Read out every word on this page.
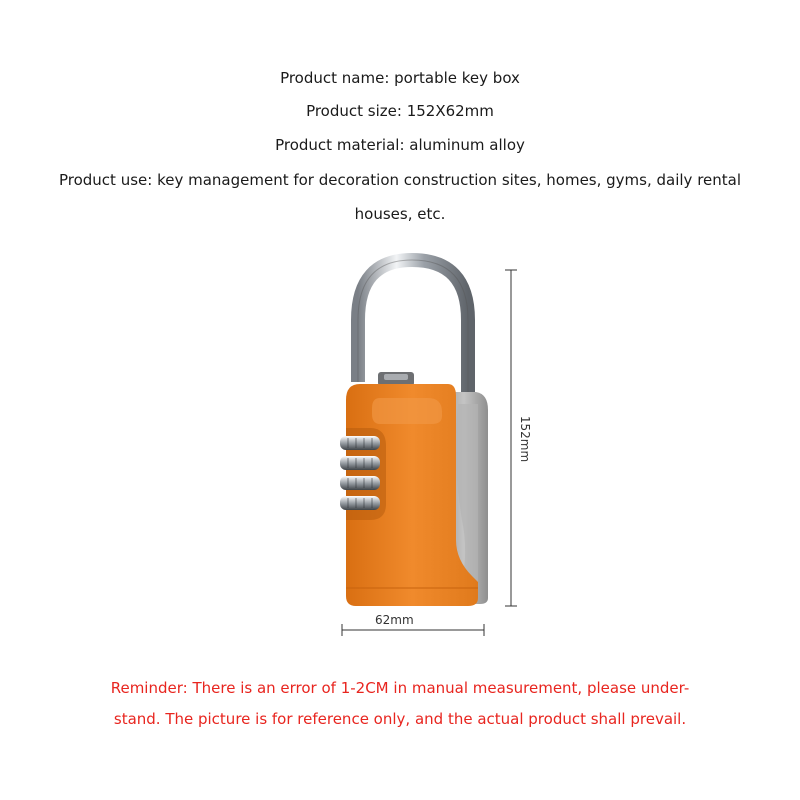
Product name: portable key box

Product size: 152X62mm

Product material: aluminum alloy

Product use: key management for decoration construction sites, homes, gyms, daily rental

houses, etc.

152mm
62mm

Reminder: There is an error of 1-2CM in manual measurement, please under-

stand. The picture is for reference only, and the actual product shall prevail.
